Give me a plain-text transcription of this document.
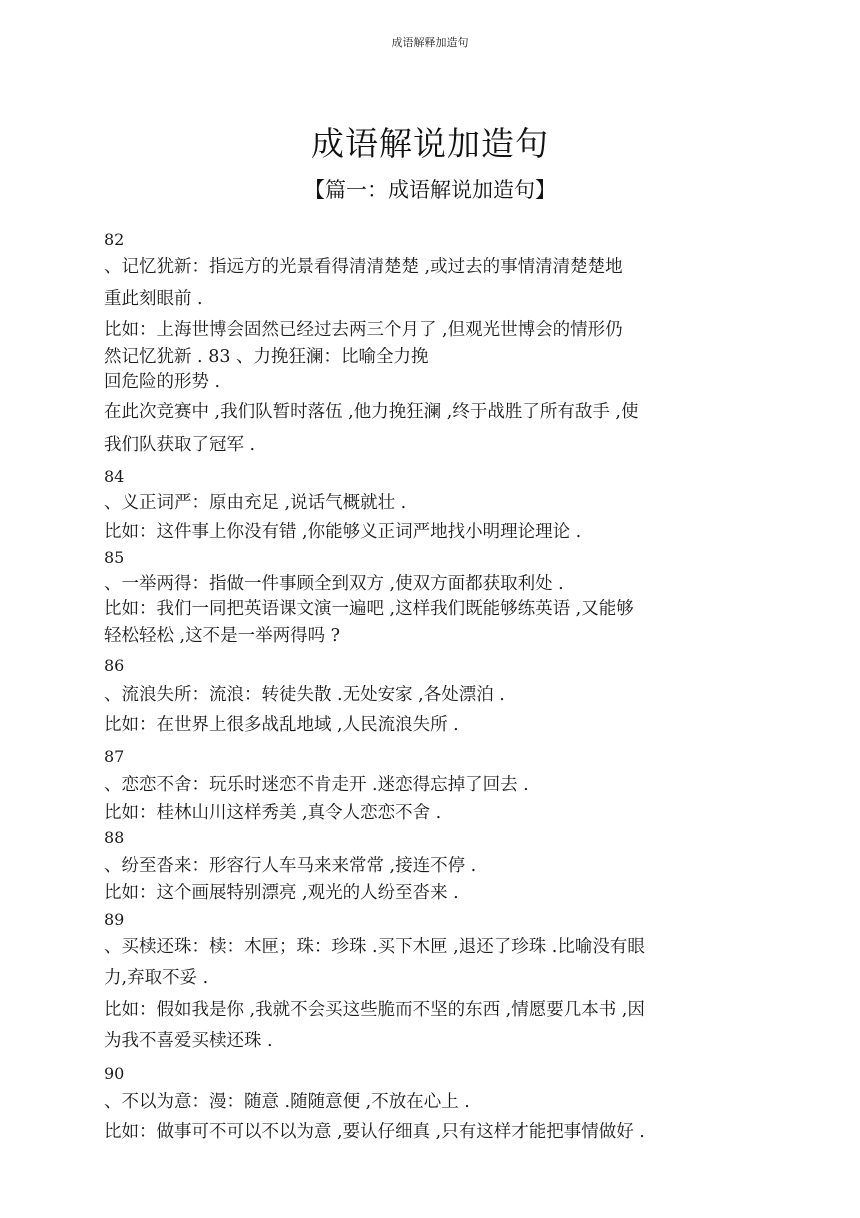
成语解释加造句
成语解说加造句
【篇一：成语解说加造句】
82
、记忆犹新：指远方的光景看得清清楚楚 ,或过去的事情清清楚楚地
重此刻眼前 .
比如：上海世博会固然已经过去两三个月了 ,但观光世博会的情形仍
然记忆犹新 . 83 、力挽狂澜：比喻全力挽
回危险的形势 .
在此次竞赛中 ,我们队暂时落伍 ,他力挽狂澜 ,终于战胜了所有敌手 ,使
我们队获取了冠军 .
84
、义正词严：原由充足 ,说话气概就壮 .
比如：这件事上你没有错 ,你能够义正词严地找小明理论理论 .
85
、一举两得：指做一件事顾全到双方 ,使双方面都获取利处 .
比如：我们一同把英语课文演一遍吧 ,这样我们既能够练英语 ,又能够
轻松轻松 ,这不是一举两得吗 ?
86
、流浪失所：流浪：转徒失散 .无处安家 ,各处漂泊 .
比如：在世界上很多战乱地域 ,人民流浪失所 .
87
、恋恋不舍：玩乐时迷恋不肯走开 .迷恋得忘掉了回去 .
比如：桂林山川这样秀美 ,真令人恋恋不舍 .
88
、纷至沓来：形容行人车马来来常常 ,接连不停 .
比如：这个画展特别漂亮 ,观光的人纷至沓来 .
89
、买椟还珠：椟：木匣；珠：珍珠 .买下木匣 ,退还了珍珠 .比喻没有眼
力,弃取不妥 .
比如：假如我是你 ,我就不会买这些脆而不坚的东西 ,情愿要几本书 ,因
为我不喜爱买椟还珠 .
90
、不以为意：漫：随意 .随随意便 ,不放在心上 .
比如：做事可不可以不以为意 ,要认仔细真 ,只有这样才能把事情做好 .
